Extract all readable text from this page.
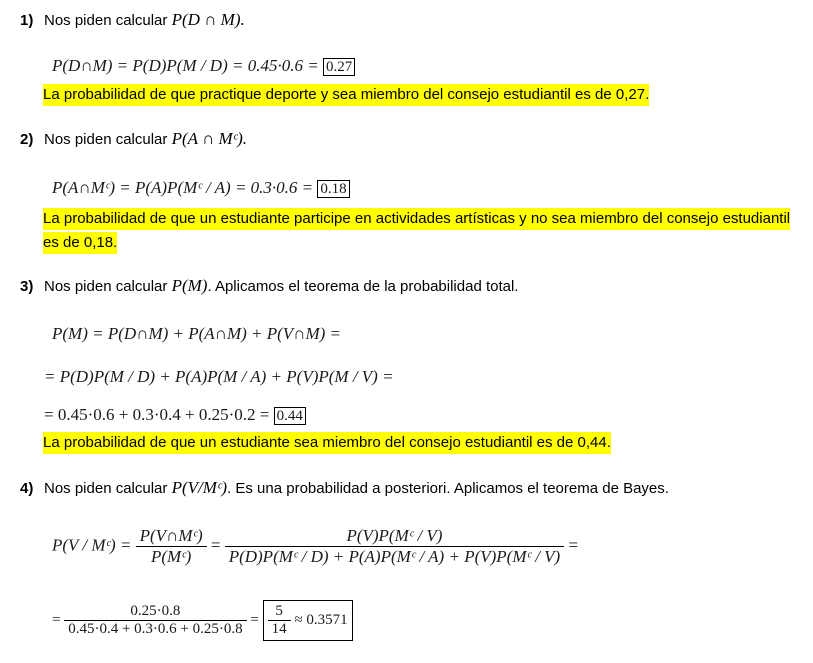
1) Nos piden calcular P(D ∩ M).
P(D∩M) = P(D)P(M / D) = 0.45·0.6 = 0.27
La probabilidad de que practique deporte y sea miembro del consejo estudiantil es de 0,27.
2) Nos piden calcular P(A ∩ Mᶜ).
P(A∩Mᶜ) = P(A)P(Mᶜ / A) = 0.3·0.6 = 0.18
La probabilidad de que un estudiante participe en actividades artísticas y no sea miembro del consejo estudiantil
es de 0,18.
3) Nos piden calcular P(M). Aplicamos el teorema de la probabilidad total.
P(M) = P(D∩M) + P(A∩M) + P(V∩M) =
= P(D)P(M / D) + P(A)P(M / A) + P(V)P(M / V) =
= 0.45·0.6 + 0.3·0.4 + 0.25·0.2 = 0.44
La probabilidad de que un estudiante sea miembro del consejo estudiantil es de 0,44.
4) Nos piden calcular P(V/Mᶜ). Es una probabilidad a posteriori. Aplicamos el teorema de Bayes.
P(V / Mᶜ) = $\frac{\text{P(V∩Mᶜ)}}{\text{P(Mᶜ)}} = \frac{\text{P(V)P(Mᶜ / V)}}{\text{P(D)P(Mᶜ / D) + P(A)P(Mᶜ / A) + P(V)P(Mᶜ / V)}}$ =
= $\frac{0.25\cdot 0.8}{0.45\cdot 0.4 + 0.3\cdot 0.6 + 0.25\cdot 0.8} = \frac{5}{14} \approx 0.3571$
